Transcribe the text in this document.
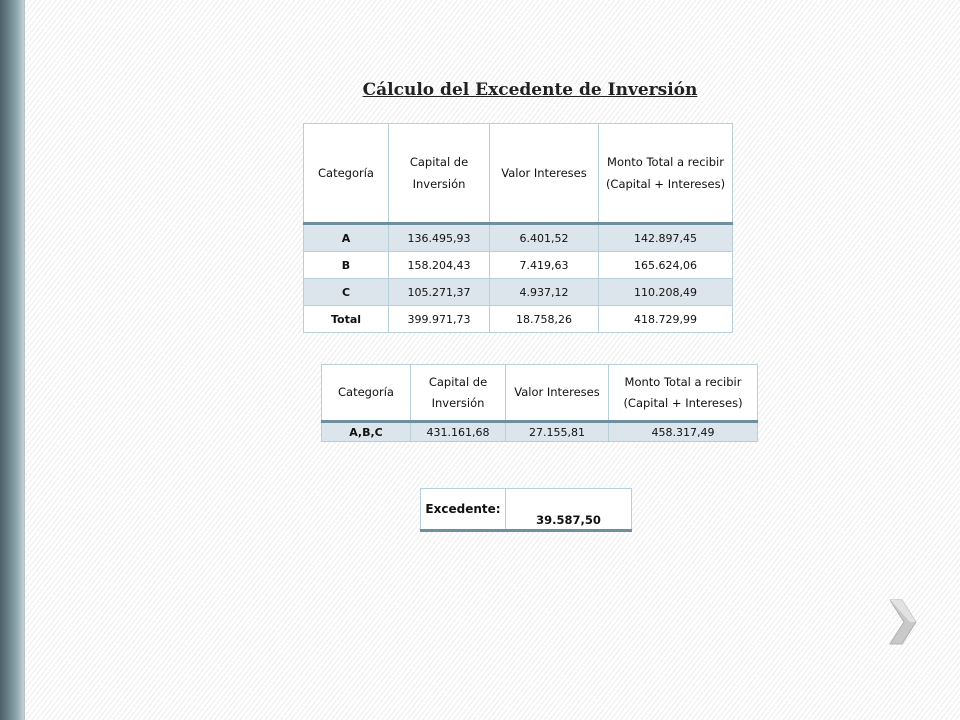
Cálculo del Excedente de Inversión
Categoría	Capital de Inversión	Valor Intereses	Monto Total a recibir (Capital + Intereses)
A	136.495,93	6.401,52	142.897,45
B	158.204,43	7.419,63	165.624,06
C	105.271,37	4.937,12	110.208,49
Total	399.971,73	18.758,26	418.729,99
Categoría	Capital de Inversión	Valor Intereses	Monto Total a recibir (Capital + Intereses)
A,B,C	431.161,68	27.155,81	458.317,49
Excedente:	39.587,50
